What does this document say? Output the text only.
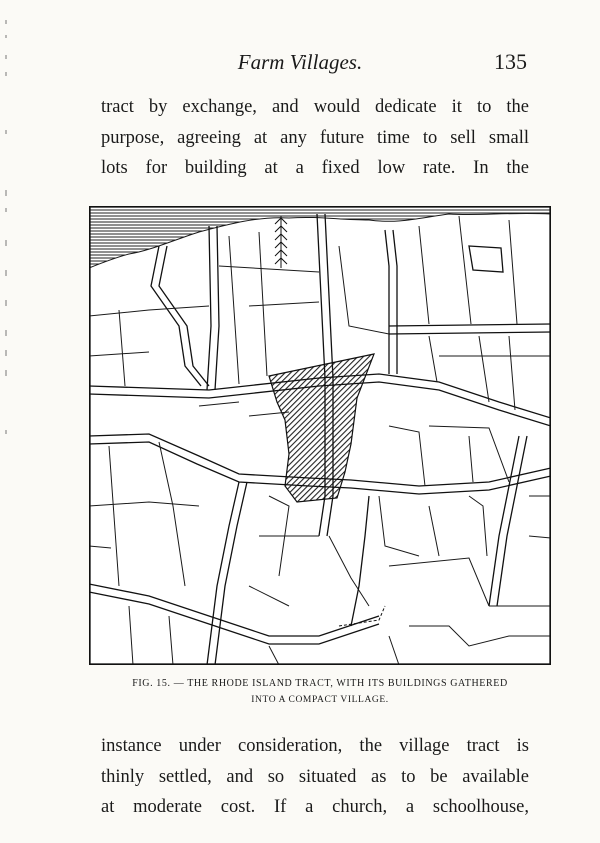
Farm Villages.	135
tract by exchange, and would dedicate it to the
purpose, agreeing at any future time to sell small
lots for building at a fixed low rate. In the
FIG. 15. — THE RHODE ISLAND TRACT, WITH ITS BUILDINGS GATHERED
INTO A COMPACT VILLAGE.
instance under consideration, the village tract is
thinly settled, and so situated as to be available
at moderate cost. If a church, a schoolhouse,
